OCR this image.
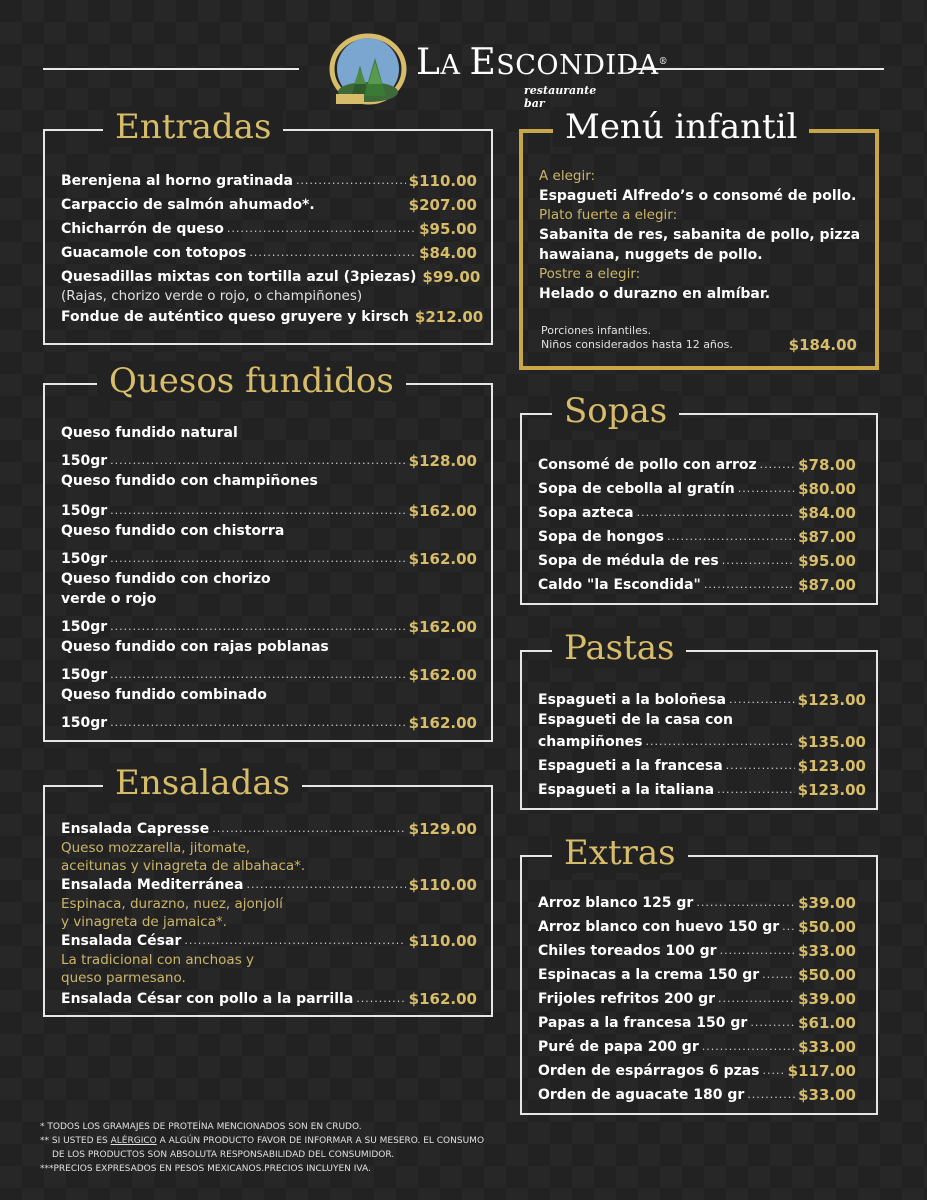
LA ESCONDIDA®
restaurante bar
Entradas
Berenjena al horno gratinada .....	$110.00
Carpaccio de salmón ahumado*.	$207.00
Chicharrón de queso .....	$95.00
Guacamole con totopos .....	$84.00
Quesadillas mixtas con tortilla azul (3piezas) $99.00
(Rajas, chorizo verde o rojo, o champiñones)
Fondue de auténtico queso gruyere y kirsch $212.00
Quesos fundidos
Queso fundido natural
150gr .....	$128.00
Queso fundido con champiñones
150gr .....	$162.00
Queso fundido con chistorra
150gr .....	$162.00
Queso fundido con chorizo
verde o rojo
150gr .....	$162.00
Queso fundido con rajas poblanas
150gr .....	$162.00
Queso fundido combinado
150gr .....	$162.00
Ensaladas
Ensalada Capresse .....	$129.00
Queso mozzarella, jitomate,
aceitunas y vinagreta de albahaca*.
Ensalada Mediterránea .....	$110.00
Espinaca, durazno, nuez, ajonjolí
y vinagreta de jamaica*.
Ensalada César .....	$110.00
La tradicional con anchoas y
queso parmesano.
Ensalada César con pollo a la parrilla .....	$162.00
Menú infantil
A elegir:
Espagueti Alfredo’s o consomé de pollo.
Plato fuerte a elegir:
Sabanita de res, sabanita de pollo, pizza
hawaiana, nuggets de pollo.
Postre a elegir:
Helado o durazno en almíbar.
Porciones infantiles.
Niños considerados hasta 12 años.	$184.00
Sopas
Consomé de pollo con arroz .....	$78.00
Sopa de cebolla al gratín .....	$80.00
Sopa azteca .....	$84.00
Sopa de hongos .....	$87.00
Sopa de médula de res .....	$95.00
Caldo "la Escondida" .....	$87.00
Pastas
Espagueti a la boloñesa .....	$123.00
Espagueti de la casa con
champiñones .....	$135.00
Espagueti a la francesa .....	$123.00
Espagueti a la italiana .....	$123.00
Extras
Arroz blanco 125 gr .....	$39.00
Arroz blanco con huevo 150 gr ..... $50.00
Chiles toreados 100 gr .....	$33.00
Espinacas a la crema 150 gr .....	$50.00
Frijoles refritos 200 gr .....	$39.00
Papas a la francesa 150 gr .....	$61.00
Puré de papa 200 gr .....	$33.00
Orden de espárragos 6 pzas ..... $117.00
Orden de aguacate 180 gr .....	$33.00
* TODOS LOS GRAMAJES DE PROTEÍNA MENCIONADOS SON EN CRUDO.
** SI USTED ES ALÉRGICO A ALGÚN PRODUCTO FAVOR DE INFORMAR A SU MESERO. EL CONSUMO
DE LOS PRODUCTOS SON ABSOLUTA RESPONSABILIDAD DEL CONSUMIDOR.
***PRECIOS EXPRESADOS EN PESOS MEXICANOS.PRECIOS INCLUYEN IVA.
